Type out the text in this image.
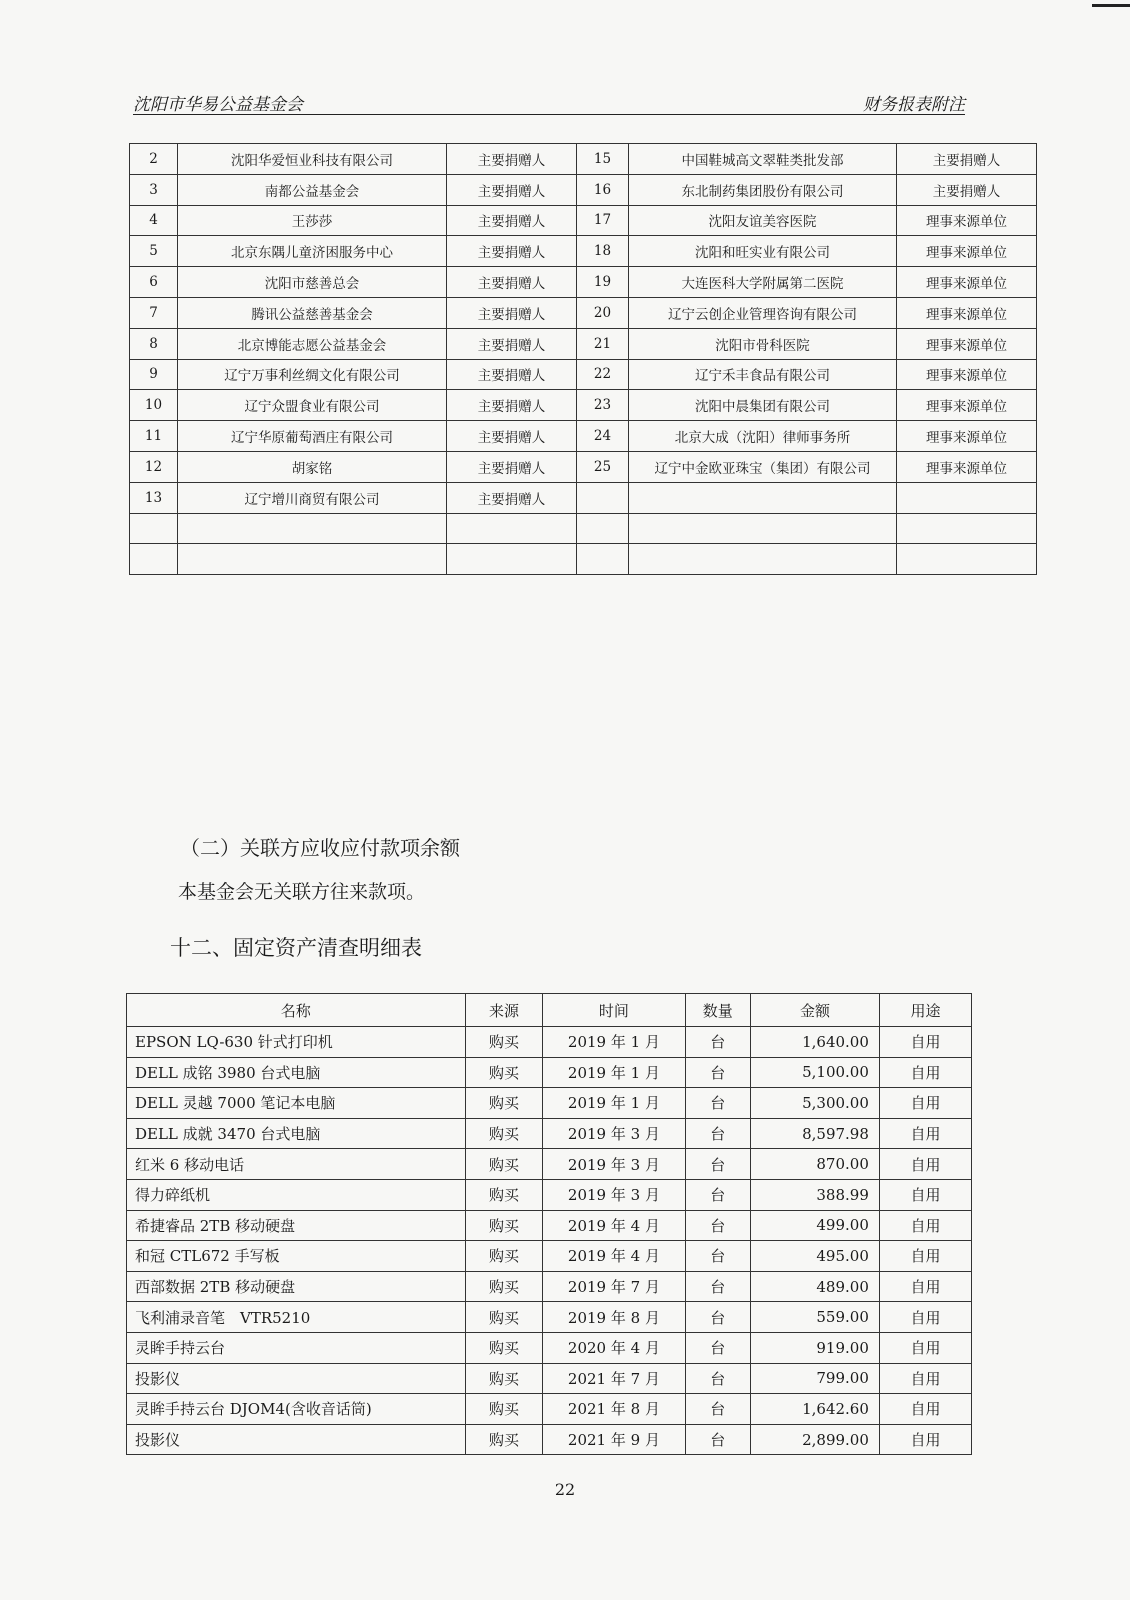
沈阳市华易公益基金会	财务报表附注
2	沈阳华爱恒业科技有限公司	主要捐赠人	15	中国鞋城高文翠鞋类批发部	主要捐赠人
3	南都公益基金会	主要捐赠人	16	东北制药集团股份有限公司	主要捐赠人
4	王莎莎	主要捐赠人	17	沈阳友谊美容医院	理事来源单位
5	北京东隅儿童济困服务中心	主要捐赠人	18	沈阳和旺实业有限公司	理事来源单位
6	沈阳市慈善总会	主要捐赠人	19	大连医科大学附属第二医院	理事来源单位
7	腾讯公益慈善基金会	主要捐赠人	20	辽宁云创企业管理咨询有限公司	理事来源单位
8	北京博能志愿公益基金会	主要捐赠人	21	沈阳市骨科医院	理事来源单位
9	辽宁万事利丝绸文化有限公司	主要捐赠人	22	辽宁禾丰食品有限公司	理事来源单位
10	辽宁众盟食业有限公司	主要捐赠人	23	沈阳中晨集团有限公司	理事来源单位
11	辽宁华原葡萄酒庄有限公司	主要捐赠人	24	北京大成（沈阳）律师事务所	理事来源单位
12	胡家铭	主要捐赠人	25	辽宁中金欧亚珠宝（集团）有限公司	理事来源单位
13	辽宁增川商贸有限公司	主要捐赠人			

（二）关联方应收应付款项余额
本基金会无关联方往来款项。
十二、固定资产清查明细表
名称	来源	时间	数量	金额	用途
EPSON LQ-630 针式打印机	购买	2019 年 1 月	台	1,640.00	自用
DELL 成铭 3980 台式电脑	购买	2019 年 1 月	台	5,100.00	自用
DELL 灵越 7000 笔记本电脑	购买	2019 年 1 月	台	5,300.00	自用
DELL 成就 3470 台式电脑	购买	2019 年 3 月	台	8,597.98	自用
红米 6 移动电话	购买	2019 年 3 月	台	870.00	自用
得力碎纸机	购买	2019 年 3 月	台	388.99	自用
希捷睿品 2TB 移动硬盘	购买	2019 年 4 月	台	499.00	自用
和冠 CTL672 手写板	购买	2019 年 4 月	台	495.00	自用
西部数据 2TB 移动硬盘	购买	2019 年 7 月	台	489.00	自用
飞利浦录音笔　VTR5210	购买	2019 年 8 月	台	559.00	自用
灵眸手持云台	购买	2020 年 4 月	台	919.00	自用
投影仪	购买	2021 年 7 月	台	799.00	自用
灵眸手持云台 DJOM4(含收音话筒)	购买	2021 年 8 月	台	1,642.60	自用
投影仪	购买	2021 年 9 月	台	2,899.00	自用
22
